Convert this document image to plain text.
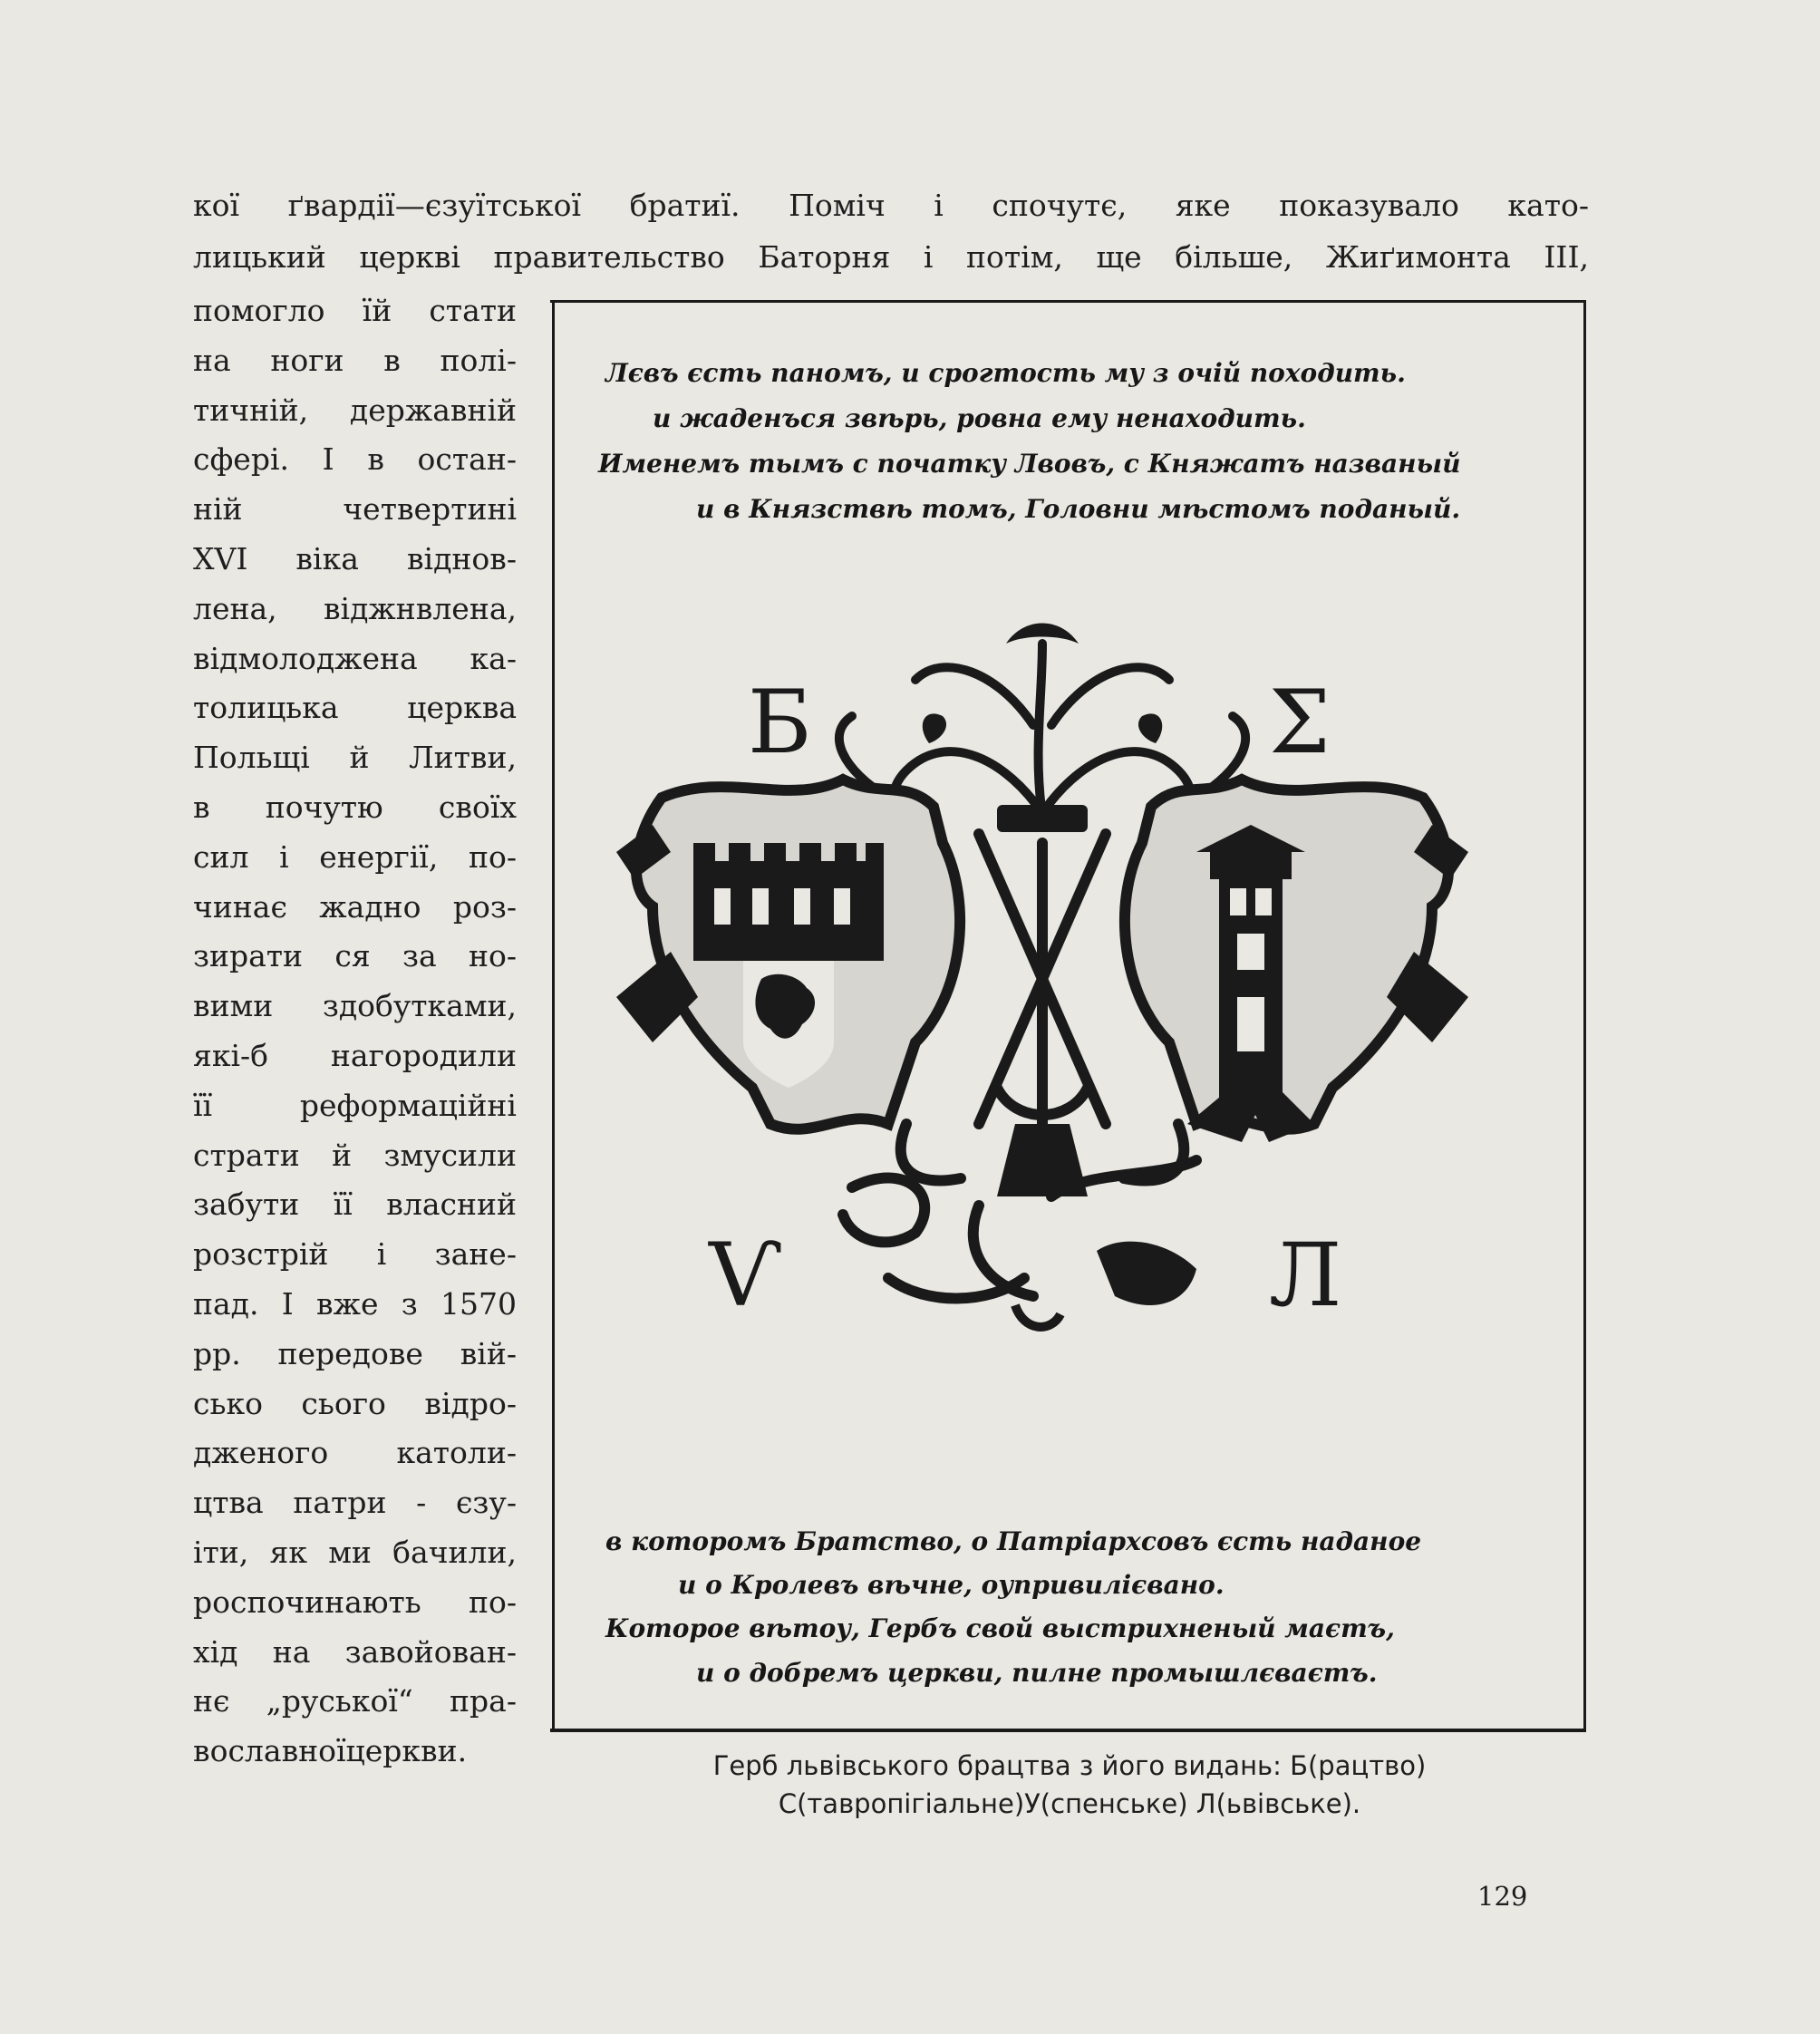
кої ґвардії—єзуїтської братиї. Поміч і спочутє, яке показувало като-
лицький церкві правительство Баторня і потім, ще більше, Жиґимонта III,
помогло їй стати
на ноги в полі-
тичній, державній
сфері. І в остан-
ній четвертині
XVI віка віднов-
лена, віджнвлена,
відмолоджена ка-
толицька церква
Польщі й Литви,
в почутю своїх
сил і енергії, по-
чинає жадно роз-
зирати ся за но-
вими здобутками,
які-б нагородили
її реформаційні
страти й змусили
забути її власний
розстрій і зане-
пад. І вже з 1570
рр. передове вій-
сько сього відро-
дженого католи-
цтва патри - єзу-
іти, як ми бачили,
роспочинають по-
хід на завойован-
нє „руської“ пра-
вославноїцеркви.
Лєвъ єсть паномъ, и срогтость му з очій походить.
и жаденъся звѣрь, ровна ему ненаходить.
Именемъ тымъ с початку Лвовъ, с Княжатъ названый
и в Князствѣ томъ, Головни мѣстомъ поданый.
Б	Σ
Ѵ	Л
в которомъ Братство, о Патріархсовъ єсть наданое
и о Кролевъ вѣчне, оупривилієвано.
Которое вѣтоу, Гербъ свой выстрихненый маєтъ,
и о добремъ церкви, пилне промышлєваєтъ.
Герб львівського брацтва з його видань: Б(рацтво)
С(тавропігіальне)У(спенське) Л(ьвівське).
129
